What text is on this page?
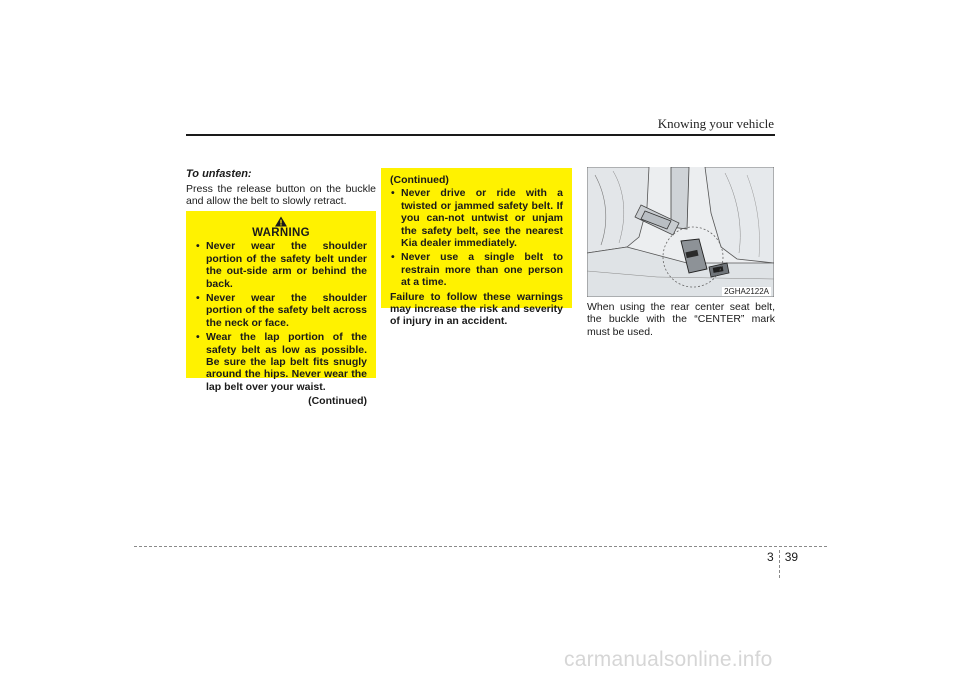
Knowing your vehicle

To unfasten:

Press the release button on the buckle and allow the belt to slowly retract.

WARNING
• Never wear the shoulder portion of the safety belt under the out-side arm or behind the back.
• Never wear the shoulder portion of the safety belt across the neck or face.
• Wear the lap portion of the safety belt as low as possible. Be sure the lap belt fits snugly around the hips. Never wear the lap belt over your waist.
(Continued)
(Continued)
• Never drive or ride with a twisted or jammed safety belt. If you can-not untwist or unjam the safety belt, see the nearest Kia dealer immediately.
• Never use a single belt to restrain more than one person at a time.
Failure to follow these warnings may increase the risk and severity of injury in an accident.
2GHA2122A

When using the rear center seat belt, the buckle with the “CENTER” mark must be used.

3 39
carmanualsonline.info
